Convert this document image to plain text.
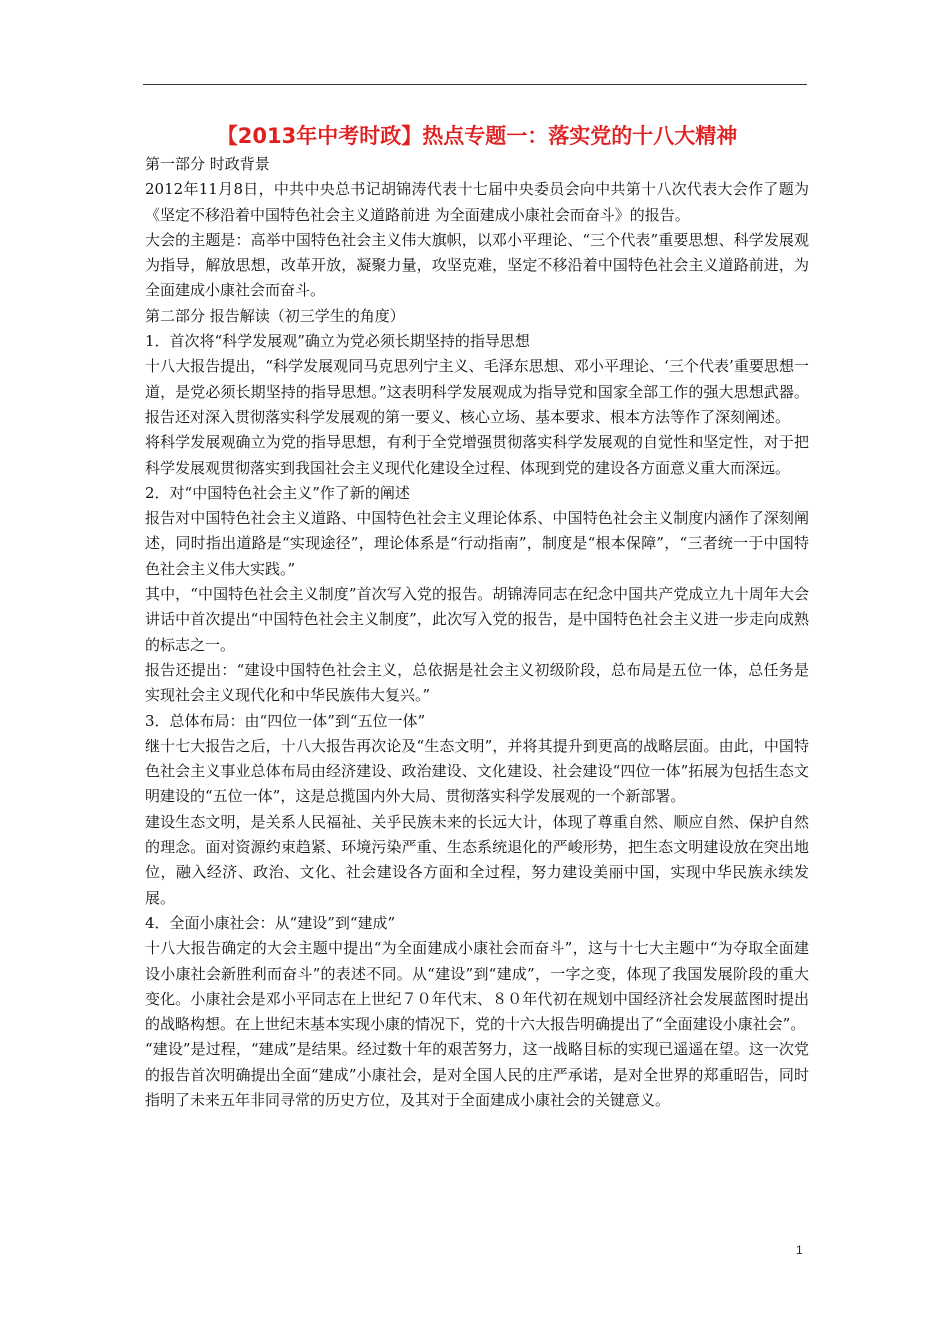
【2013年中考时政】热点专题一：落实党的十八大精神

第一部分 时政背景

2012年11月8日，中共中央总书记胡锦涛代表十七届中央委员会向中共第十八次代表大会作了题为《坚定不移沿着中国特色社会主义道路前进 为全面建成小康社会而奋斗》的报告。

大会的主题是：高举中国特色社会主义伟大旗帜，以邓小平理论、“三个代表”重要思想、科学发展观为指导，解放思想，改革开放，凝聚力量，攻坚克难，坚定不移沿着中国特色社会主义道路前进，为全面建成小康社会而奋斗。

第二部分 报告解读（初三学生的角度）

1．首次将“科学发展观”确立为党必须长期坚持的指导思想

十八大报告提出，“科学发展观同马克思列宁主义、毛泽东思想、邓小平理论、‘三个代表’重要思想一道，是党必须长期坚持的指导思想。”这表明科学发展观成为指导党和国家全部工作的强大思想武器。报告还对深入贯彻落实科学发展观的第一要义、核心立场、基本要求、根本方法等作了深刻阐述。

将科学发展观确立为党的指导思想，有利于全党增强贯彻落实科学发展观的自觉性和坚定性，对于把科学发展观贯彻落实到我国社会主义现代化建设全过程、体现到党的建设各方面意义重大而深远。

2．对“中国特色社会主义”作了新的阐述

报告对中国特色社会主义道路、中国特色社会主义理论体系、中国特色社会主义制度内涵作了深刻阐述，同时指出道路是“实现途径”，理论体系是“行动指南”，制度是“根本保障”，“三者统一于中国特色社会主义伟大实践。”

其中，“中国特色社会主义制度”首次写入党的报告。胡锦涛同志在纪念中国共产党成立九十周年大会讲话中首次提出“中国特色社会主义制度”，此次写入党的报告，是中国特色社会主义进一步走向成熟的标志之一。

报告还提出：“建设中国特色社会主义，总依据是社会主义初级阶段，总布局是五位一体，总任务是实现社会主义现代化和中华民族伟大复兴。”

3．总体布局：由“四位一体”到“五位一体”

继十七大报告之后，十八大报告再次论及“生态文明”，并将其提升到更高的战略层面。由此，中国特色社会主义事业总体布局由经济建设、政治建设、文化建设、社会建设“四位一体”拓展为包括生态文明建设的“五位一体”，这是总揽国内外大局、贯彻落实科学发展观的一个新部署。

建设生态文明，是关系人民福祉、关乎民族未来的长远大计，体现了尊重自然、顺应自然、保护自然的理念。面对资源约束趋紧、环境污染严重、生态系统退化的严峻形势，把生态文明建设放在突出地位，融入经济、政治、文化、社会建设各方面和全过程，努力建设美丽中国，实现中华民族永续发展。

4．全面小康社会：从“建设”到“建成”

十八大报告确定的大会主题中提出“为全面建成小康社会而奋斗”，这与十七大主题中“为夺取全面建设小康社会新胜利而奋斗”的表述不同。从“建设”到“建成”，一字之变，体现了我国发展阶段的重大变化。小康社会是邓小平同志在上世纪７０年代末、８０年代初在规划中国经济社会发展蓝图时提出的战略构想。在上世纪末基本实现小康的情况下，党的十六大报告明确提出了“全面建设小康社会”。

“建设”是过程，“建成”是结果。经过数十年的艰苦努力，这一战略目标的实现已遥遥在望。这一次党的报告首次明确提出全面“建成”小康社会，是对全国人民的庄严承诺，是对全世界的郑重昭告，同时指明了未来五年非同寻常的历史方位，及其对于全面建成小康社会的关键意义。

1
